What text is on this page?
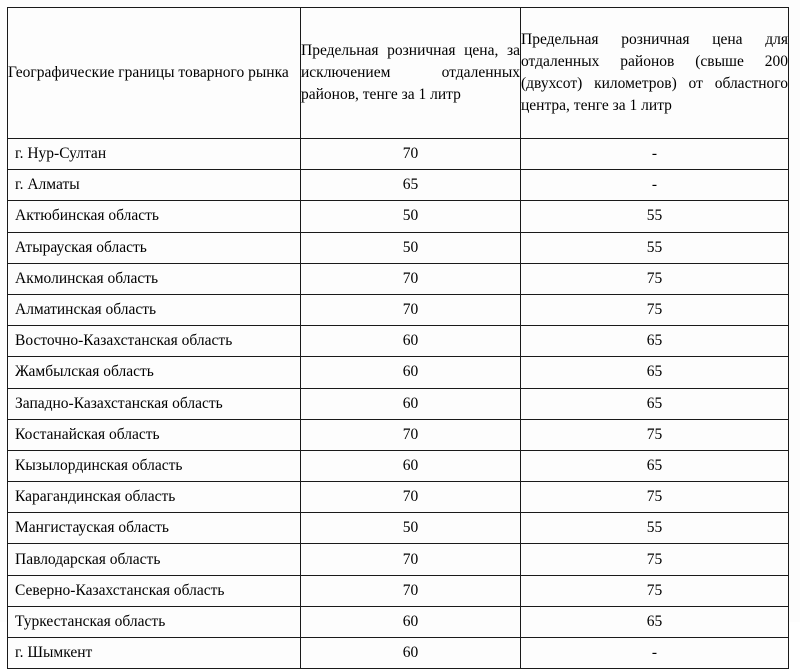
Географические границы товарного рынка	Предельная розничная цена, за исключением отдаленных районов, тенге за 1 литр	Предельная розничная цена для отдаленных районов (свыше 200 (двухсот) километров) от областного центра, тенге за 1 литр

г. Нур-Султан	70	-
г. Алматы	65	-
Актюбинская область	50	55
Атырауская область	50	55
Акмолинская область	70	75
Алматинская область	70	75
Восточно-Казахстанская область	60	65
Жамбылская область	60	65
Западно-Казахстанская область	60	65
Костанайская область	70	75
Кызылординская область	60	65
Карагандинская область	70	75
Мангистауская область	50	55
Павлодарская область	70	75
Северно-Казахстанская область	70	75
Туркестанская область	60	65
г. Шымкент	60	-
